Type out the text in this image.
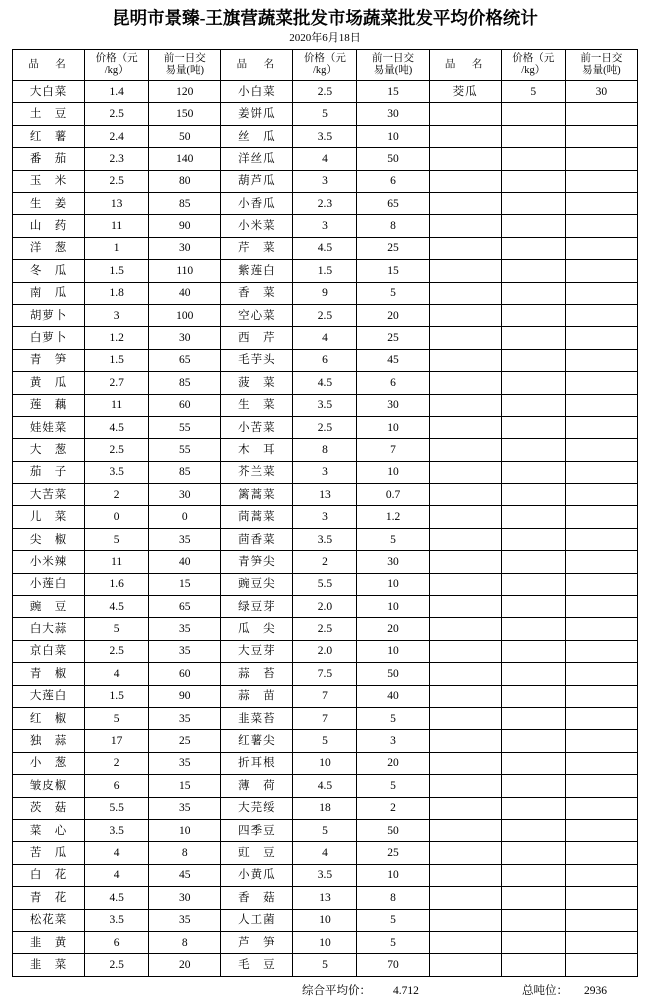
昆明市景臻-王旗营蔬菜批发市场蔬菜批发平均价格统计
2020年6月18日
品　名	价格（元
/kg）	前一日交
易量(吨)	品　名	价格（元
/kg）	前一日交
易量(吨)	品　名	价格（元
/kg）	前一日交
易量(吨)
大白菜	1.4	120	小白菜	2.5	15	茭瓜	5	30
土　豆	2.5	150	姜饼瓜	5	30			
红　薯	2.4	50	丝　瓜	3.5	10			
番　茄	2.3	140	洋丝瓜	4	50			
玉　米	2.5	80	葫芦瓜	3	6			
生　姜	13	85	小香瓜	2.3	65			
山　药	11	90	小米菜	3	8			
洋　葱	1	30	芹　菜	4.5	25			
冬　瓜	1.5	110	紫莲白	1.5	15			
南　瓜	1.8	40	香　菜	9	5			
胡萝卜	3	100	空心菜	2.5	20			
白萝卜	1.2	30	西　芹	4	25			
青　笋	1.5	65	毛芋头	6	45			
黄　瓜	2.7	85	菠　菜	4.5	6			
莲　藕	11	60	生　菜	3.5	30			
娃娃菜	4.5	55	小苦菜	2.5	10			
大　葱	2.5	55	木　耳	8	7			
茄　子	3.5	85	芥兰菜	3	10			
大苦菜	2	30	篱蒿菜	13	0.7			
儿　菜	0	0	茼蒿菜	3	1.2			
尖　椒	5	35	茴香菜	3.5	5			
小米辣	11	40	青笋尖	2	30			
小莲白	1.6	15	豌豆尖	5.5	10			
豌　豆	4.5	65	绿豆芽	2.0	10			
白大蒜	5	35	瓜　尖	2.5	20			
京白菜	2.5	35	大豆芽	2.0	10			
青　椒	4	60	蒜　苔	7.5	50			
大莲白	1.5	90	蒜　苗	7	40			
红　椒	5	35	韭菜苔	7	5			
独　蒜	17	25	红薯尖	5	3			
小　葱	2	35	折耳根	10	20			
皱皮椒	6	15	薄　荷	4.5	5			
茨　菇	5.5	35	大芫绥	18	2			
菜　心	3.5	10	四季豆	5	50			
苦　瓜	4	8	豇　豆	4	25			
白　花	4	45	小黄瓜	3.5	10			
青　花	4.5	30	香　菇	13	8			
松花菜	3.5	35	人工菌	10	5			
韭　黄	6	8	芦　笋	10	5			
韭　菜	2.5	20	毛　豆	5	70			
综合平均价： 4.712	总吨位： 2936
